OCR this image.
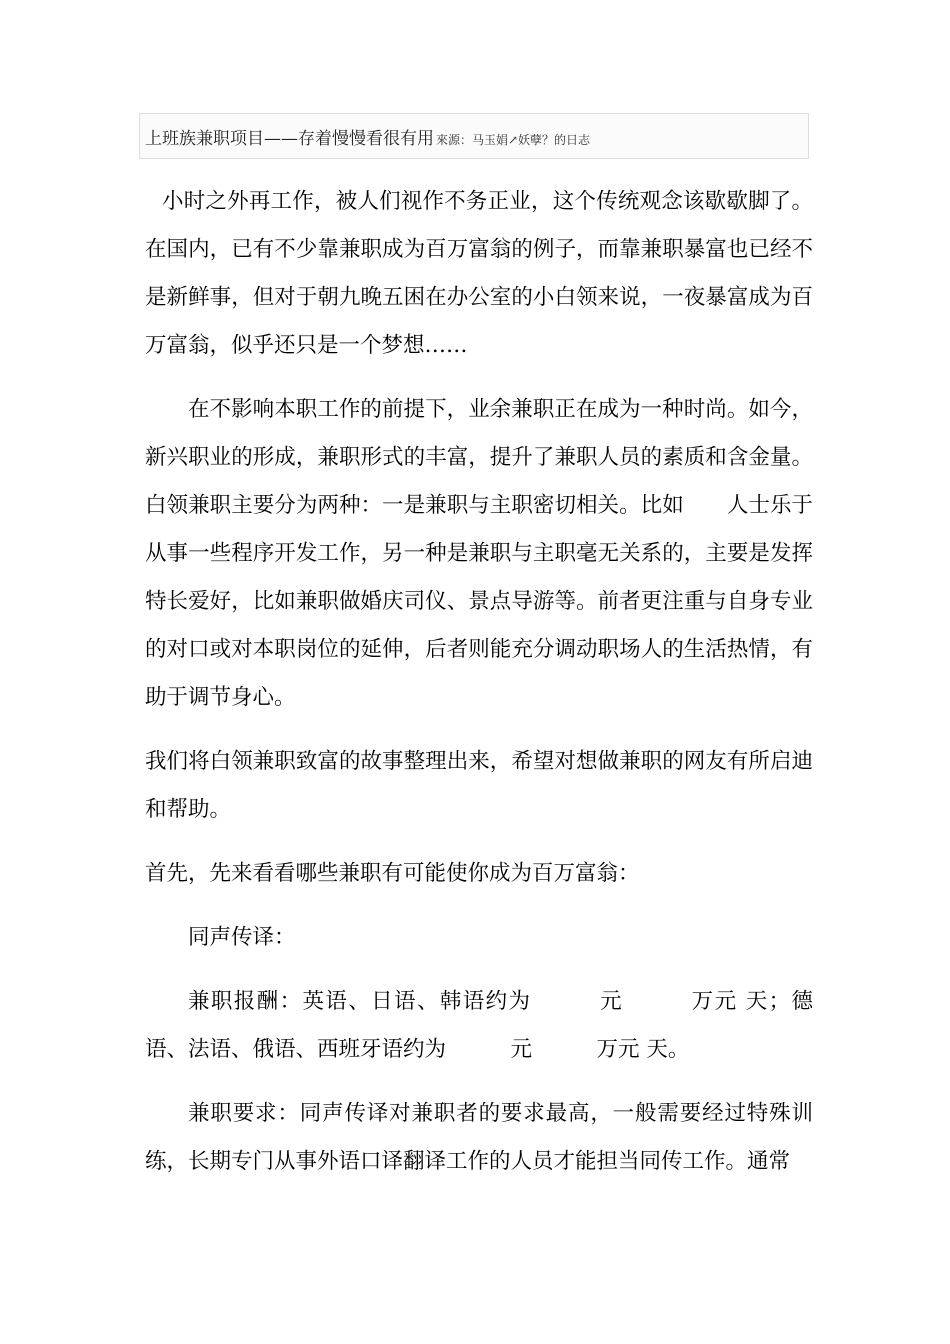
上班族兼职项目——存着慢慢看很有用 來源：马玉娟↗妖孽？的日志

小时之外再工作，被人们视作不务正业，这个传统观念该歇歇脚了。在国内，已有不少靠兼职成为百万富翁的例子，而靠兼职暴富也已经不是新鲜事，但对于朝九晚五困在办公室的小白领来说，一夜暴富成为百万富翁，似乎还只是一个梦想……

在不影响本职工作的前提下，业余兼职正在成为一种时尚。如今，新兴职业的形成，兼职形式的丰富，提升了兼职人员的素质和含金量。白领兼职主要分为两种：一是兼职与主职密切相关。比如　　人士乐于从事一些程序开发工作，另一种是兼职与主职毫无关系的，主要是发挥特长爱好，比如兼职做婚庆司仪、景点导游等。前者更注重与自身专业的对口或对本职岗位的延伸，后者则能充分调动职场人的生活热情，有助于调节身心。

我们将白领兼职致富的故事整理出来，希望对想做兼职的网友有所启迪和帮助。

首先，先来看看哪些兼职有可能使你成为百万富翁：

同声传译：

兼职报酬：英语、日语、韩语约为　　　元　　　万元 天；德语、法语、俄语、西班牙语约为　　　元　　　万元 天。

兼职要求：同声传译对兼职者的要求最高，一般需要经过特殊训练，长期专门从事外语口译翻译工作的人员才能担当同传工作。通常
